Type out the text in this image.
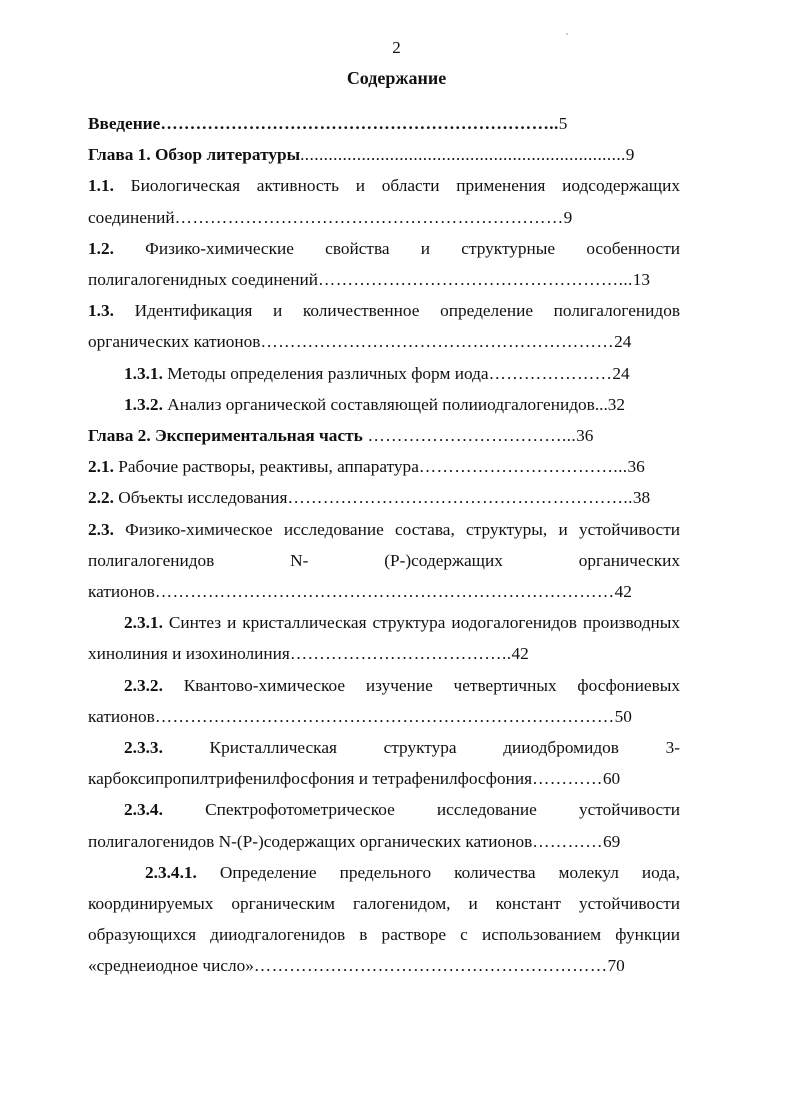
2
Содержание

Введение…………………………………………………………..5

Глава 1. Обзор литературы.....................................................................9

1.1. Биологическая активность и области применения иодсодержащих соединений…………………………………………………………9

1.2. Физико-химические свойства и структурные особенности полигалогенидных соединений……………………………………………...13

1.3. Идентификация и количественное определение полигалогенидов органических катионов……………………………………………………24

1.3.1. Методы определения различных форм иода…………………24

1.3.2. Анализ органической составляющей полииодгалогенидов...32

Глава 2. Экспериментальная часть ……………………………...36

2.1. Рабочие растворы, реактивы, аппаратура……………………………...36

2.2. Объекты исследования…………………………………………………..38

2.3. Физико-химическое исследование состава, структуры, и устойчивости полигалогенидов N- (Р-)содержащих органических катионов……………………………………………………………………42

2.3.1. Синтез и кристаллическая структура иодогалогенидов производных хинолиния и изохинолиния………………………………..42

2.3.2. Квантово-химическое изучение четвертичных фосфониевых катионов……………………………………………………………………50

2.3.3. Кристаллическая структура дииодбромидов 3-карбоксипропилтрифенилфосфония и тетрафенилфосфония…………60

2.3.4. Спектрофотометрическое исследование устойчивости полигалогенидов N-(Р-)содержащих органических катионов…………69

2.3.4.1. Определение предельного количества молекул иода, координируемых органическим галогенидом, и констант устойчивости образующихся дииодгалогенидов в растворе с использованием функции «среднеиодное число»……………………………………………………70
